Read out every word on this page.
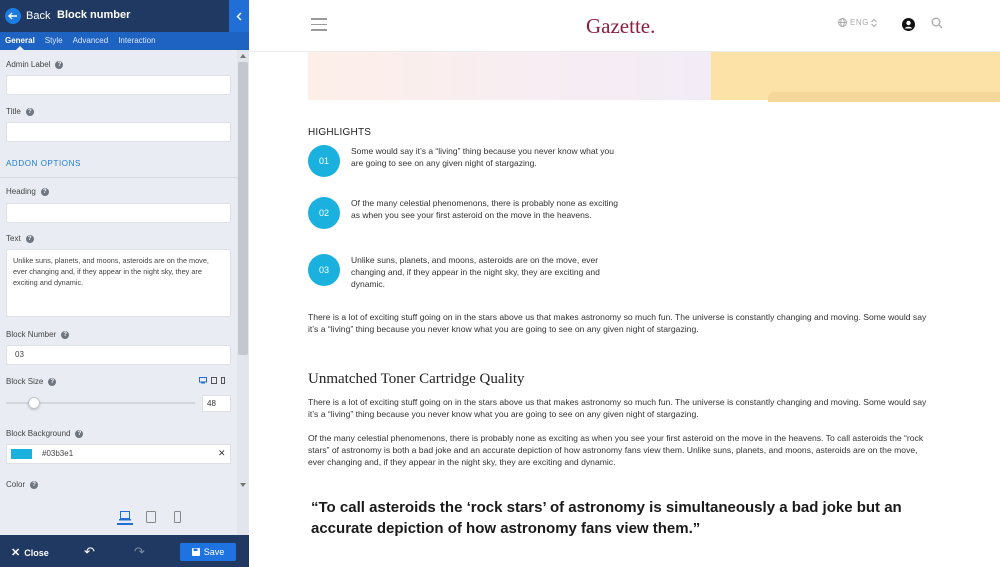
Back Block number
General	Style	Advanced	Interaction
Admin Label	?
Title	?
ADDON OPTIONS
Heading	?
Text	?
Unlike suns, planets, and moons, asteroids are on the move, ever changing and, if they appear in the night sky, they are exciting and dynamic.
Block Number	?
03
Block Size	?
48
Block Background	?
#03b3e1	✕
Color	?
✕ Close	↶	↷	Save
Gazette.	ENG
HIGHLIGHTS
01
Some would say it’s a “living” thing because you never know what you are going to see on any given night of stargazing.
02
Of the many celestial phenomenons, there is probably none as exciting as when you see your first asteroid on the move in the heavens.
03
Unlike suns, planets, and moons, asteroids are on the move, ever changing and, if they appear in the night sky, they are exciting and dynamic.
There is a lot of exciting stuff going on in the stars above us that makes astronomy so much fun. The universe is constantly changing and moving. Some would say it’s a “living” thing because you never know what you are going to see on any given night of stargazing.
Unmatched Toner Cartridge Quality
There is a lot of exciting stuff going on in the stars above us that makes astronomy so much fun. The universe is constantly changing and moving. Some would say it’s a “living” thing because you never know what you are going to see on any given night of stargazing.
Of the many celestial phenomenons, there is probably none as exciting as when you see your first asteroid on the move in the heavens. To call asteroids the “rock stars” of astronomy is both a bad joke and an accurate depiction of how astronomy fans view them. Unlike suns, planets, and moons, asteroids are on the move, ever changing and, if they appear in the night sky, they are exciting and dynamic.
“To call asteroids the ‘rock stars’ of astronomy is simultaneously a bad joke but an accurate depiction of how astronomy fans view them.”
